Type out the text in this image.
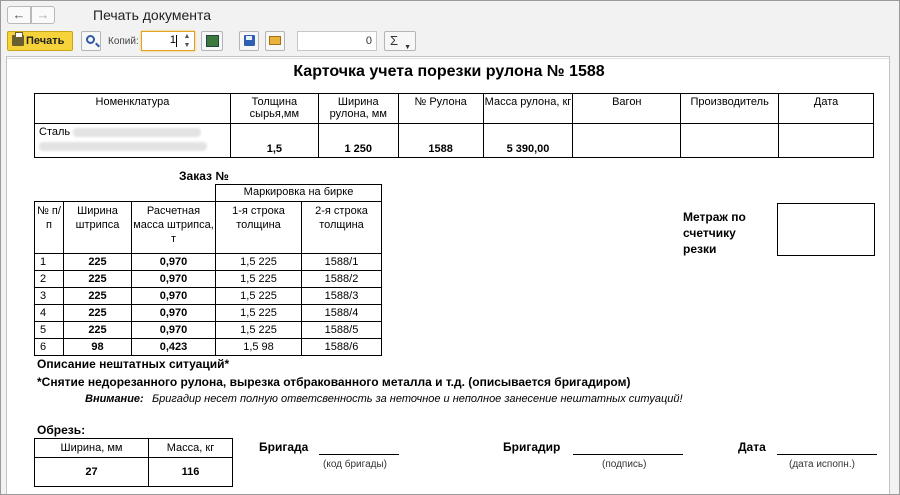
← →	Печать документа
Печать	Копий:	1	▲
▼	0	Σ ▼
Карточка учета порезки рулона № 1588
Номенклатура	Толщина сырья,мм	Ширина рулона, мм	№ Рулона	Масса рулона, кг	Вагон	Производитель	Дата
Сталь	1,5	1 250	1588	5 390,00			
Заказ №
			Маркировка на бирке	
№ п/п	Ширина штрипса	Расчетная масса штрипса, т	1-я строка толщина	2-я строка толщина
1	225	0,970	1,5 225	1588/1
2	225	0,970	1,5 225	1588/2
3	225	0,970	1,5 225	1588/3
4	225	0,970	1,5 225	1588/4
5	225	0,970	1,5 225	1588/5
6	98	0,423	1,5 98	1588/6
Метраж по счетчику резки
Описание нештатных ситуаций*
*Снятие недорезанного рулона, вырезка отбракованного металла и т.д. (описывается бригадиром)
Внимание: Бригадир несет полную ответсвенность за неточное и неполное занесение нештатных ситуаций!
Обрезь:
Ширина, мм	Масса, кг
27	116
Бригада
(код бригады)
Бригадир
(подпись)
Дата
(дата испопн.)
